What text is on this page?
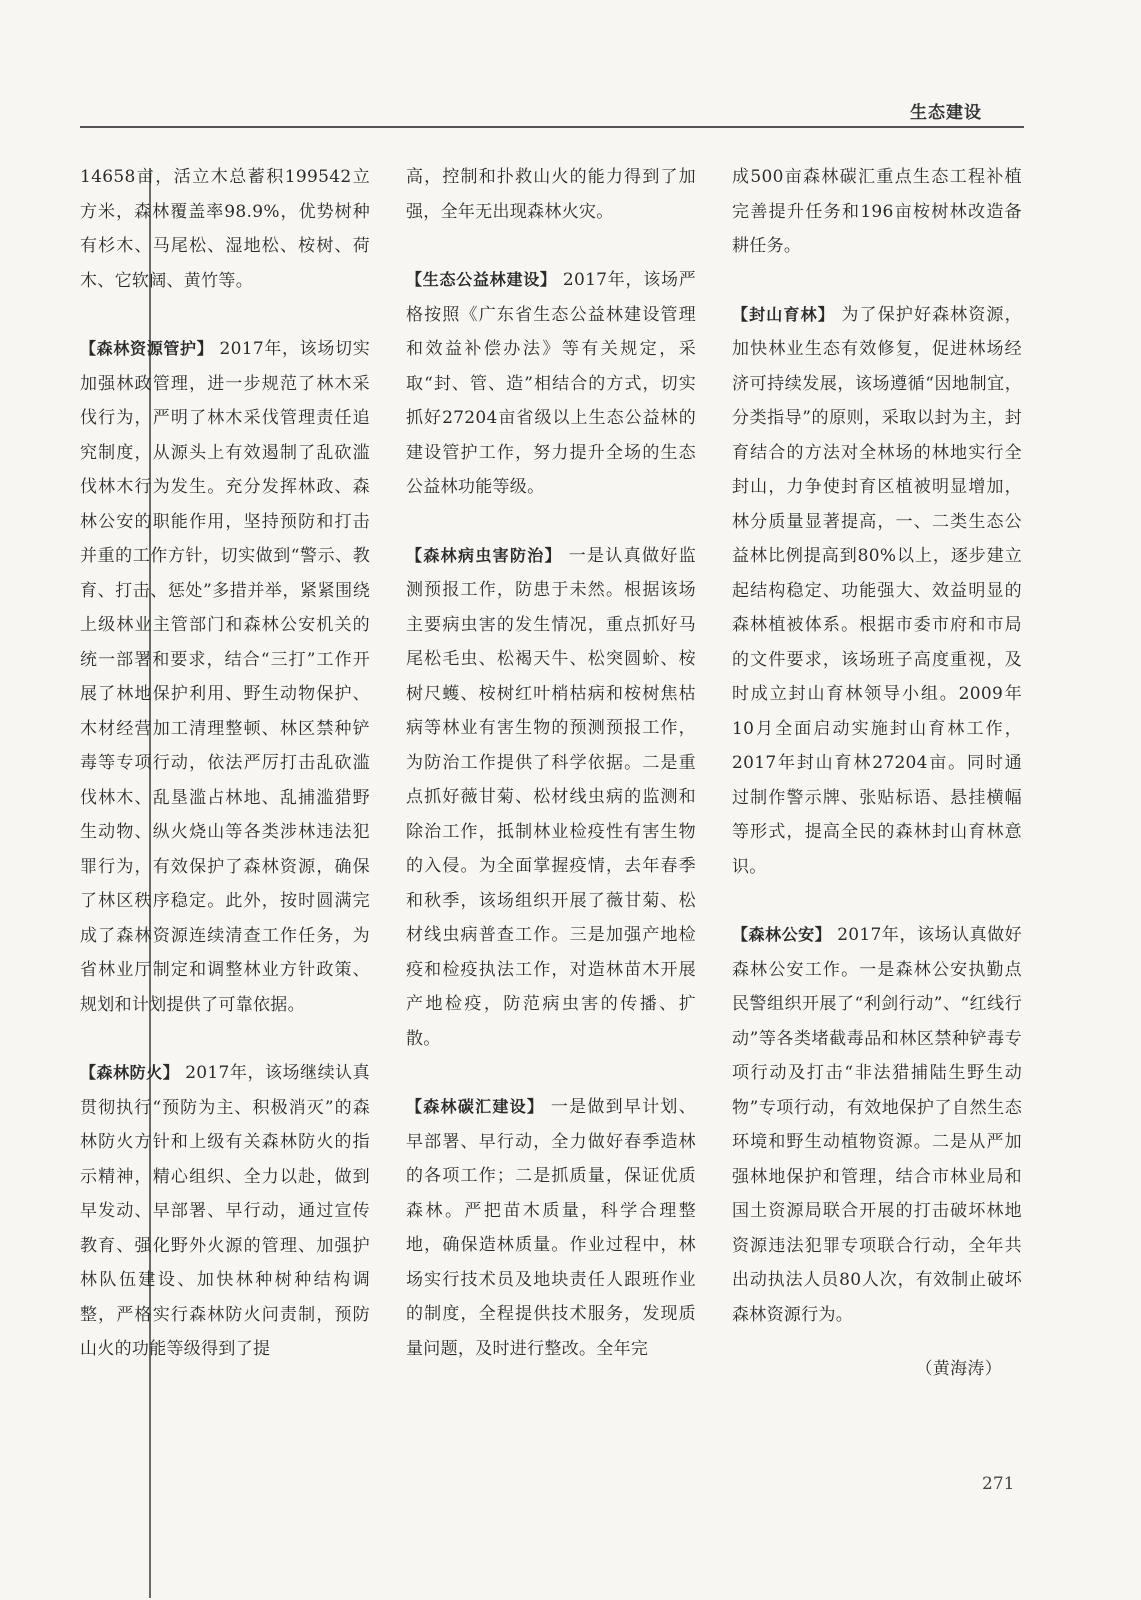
生态建设

14658亩，活立木总蓄积199542立方米，森林覆盖率98.9%，优势树种有杉木、马尾松、湿地松、桉树、荷木、它软阔、黄竹等。

【森林资源管护】 2017年，该场切实加强林政管理，进一步规范了林木采伐行为，严明了林木采伐管理责任追究制度，从源头上有效遏制了乱砍滥伐林木行为发生。充分发挥林政、森林公安的职能作用，坚持预防和打击并重的工作方针，切实做到“警示、教育、打击、惩处”多措并举，紧紧围绕上级林业主管部门和森林公安机关的统一部署和要求，结合“三打”工作开展了林地保护利用、野生动物保护、木材经营加工清理整顿、林区禁种铲毒等专项行动，依法严厉打击乱砍滥伐林木、乱垦滥占林地、乱捕滥猎野生动物、纵火烧山等各类涉林违法犯罪行为，有效保护了森林资源，确保了林区秩序稳定。此外，按时圆满完成了森林资源连续清查工作任务，为省林业厅制定和调整林业方针政策、规划和计划提供了可靠依据。

【森林防火】 2017年，该场继续认真贯彻执行“预防为主、积极消灭”的森林防火方针和上级有关森林防火的指示精神，精心组织、全力以赴，做到早发动、早部署、早行动，通过宣传教育、强化野外火源的管理、加强护林队伍建设、加快林种树种结构调整，严格实行森林防火问责制，预防山火的功能等级得到了提

高，控制和扑救山火的能力得到了加强，全年无出现森林火灾。

【生态公益林建设】 2017年，该场严格按照《广东省生态公益林建设管理和效益补偿办法》等有关规定，采取“封、管、造”相结合的方式，切实抓好27204亩省级以上生态公益林的建设管护工作，努力提升全场的生态公益林功能等级。

【森林病虫害防治】 一是认真做好监测预报工作，防患于未然。根据该场主要病虫害的发生情况，重点抓好马尾松毛虫、松褐天牛、松突圆蚧、桉树尺蠖、桉树红叶梢枯病和桉树焦枯病等林业有害生物的预测预报工作，为防治工作提供了科学依据。二是重点抓好薇甘菊、松材线虫病的监测和除治工作，抵制林业检疫性有害生物的入侵。为全面掌握疫情，去年春季和秋季，该场组织开展了薇甘菊、松材线虫病普查工作。三是加强产地检疫和检疫执法工作，对造林苗木开展产地检疫，防范病虫害的传播、扩散。

【森林碳汇建设】 一是做到早计划、早部署、早行动，全力做好春季造林的各项工作；二是抓质量，保证优质森林。严把苗木质量，科学合理整地，确保造林质量。作业过程中，林场实行技术员及地块责任人跟班作业的制度，全程提供技术服务，发现质量问题，及时进行整改。全年完

成500亩森林碳汇重点生态工程补植完善提升任务和196亩桉树林改造备耕任务。

【封山育林】 为了保护好森林资源，加快林业生态有效修复，促进林场经济可持续发展，该场遵循“因地制宜，分类指导”的原则，采取以封为主，封育结合的方法对全林场的林地实行全封山，力争使封育区植被明显增加，林分质量显著提高，一、二类生态公益林比例提高到80%以上，逐步建立起结构稳定、功能强大、效益明显的森林植被体系。根据市委市府和市局的文件要求，该场班子高度重视，及时成立封山育林领导小组。2009年10月全面启动实施封山育林工作，2017年封山育林27204亩。同时通过制作警示牌、张贴标语、悬挂横幅等形式，提高全民的森林封山育林意识。

【森林公安】 2017年，该场认真做好森林公安工作。一是森林公安执勤点民警组织开展了“利剑行动”、“红线行动”等各类堵截毒品和林区禁种铲毒专项行动及打击“非法猎捕陆生野生动物”专项行动，有效地保护了自然生态环境和野生动植物资源。二是从严加强林地保护和管理，结合市林业局和国土资源局联合开展的打击破坏林地资源违法犯罪专项联合行动，全年共出动执法人员80人次，有效制止破坏森林资源行为。

（黄海涛）
271
